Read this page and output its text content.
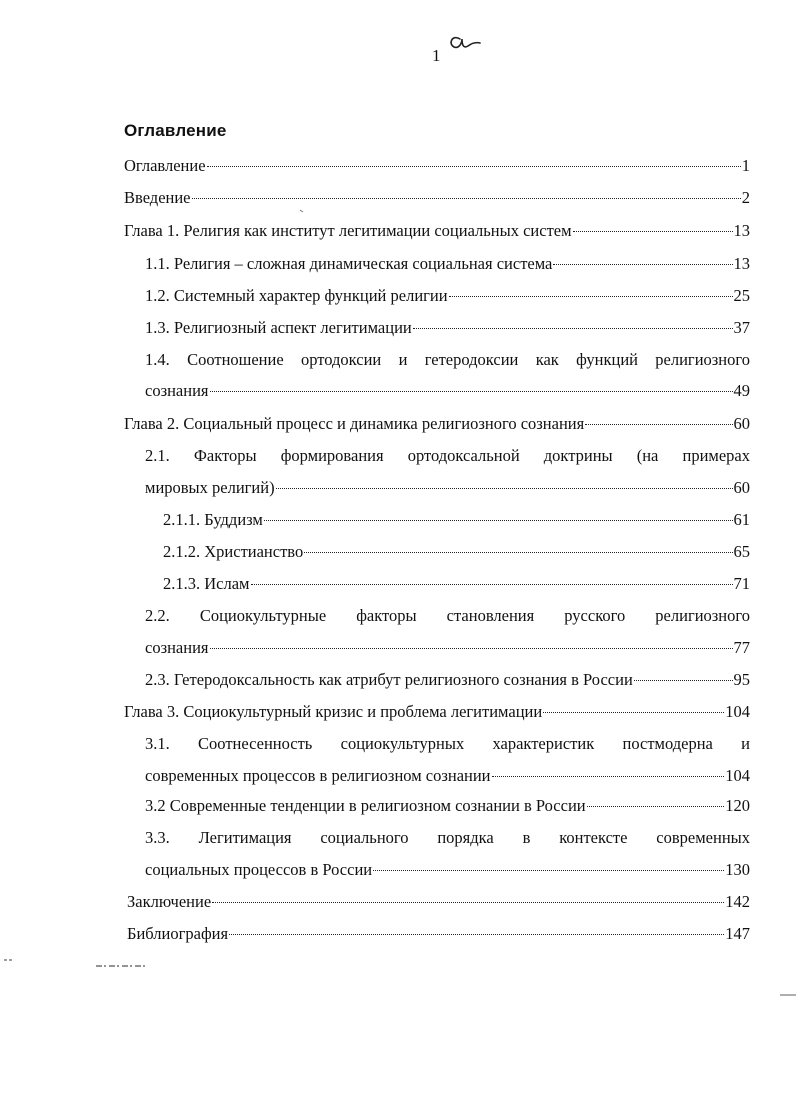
1
Оглавление
Оглавление	1
Введение	2
Глава 1. Религия как институт легитимации социальных систем	13
1.1. Религия – сложная динамическая социальная система	13
1.2. Системный характер функций религии	25
1.3. Религиозный аспект легитимации	37
1.4. Соотношение ортодоксии и гетеродоксии как функций религиозного
сознания	49
Глава 2. Социальный процесс и динамика религиозного сознания	60
2.1. Факторы формирования ортодоксальной доктрины (на примерах
мировых религий)	60
2.1.1. Буддизм	61
2.1.2. Христианство	65
2.1.3. Ислам	71
2.2. Социокультурные факторы становления русского религиозного
сознания	77
2.3. Гетеродоксальность как атрибут религиозного сознания в России	95
Глава 3. Социокультурный кризис и проблема легитимации	104
3.1. Соотнесенность социокультурных характеристик постмодерна и
современных процессов в религиозном сознании	104
3.2 Современные тенденции в религиозном сознании в России	120
3.3. Легитимация социального порядка в контексте современных
социальных процессов в России	130
Заключение	142
Библиография	147
